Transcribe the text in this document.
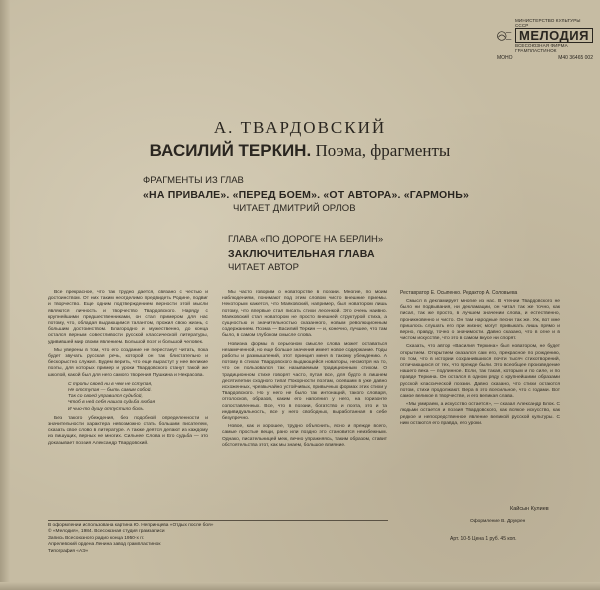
МИНИСТЕРСТВО КУЛЬТУРЫ СССР
МЕЛОДИЯ
ВСЕСОЮЗНАЯ ФИРМА ГРАМПЛАСТИНОК
МОНО	М40 36465 002
А. ТВАРДОВСКИЙ
ВАСИЛИЙ ТЕРКИН. Поэма, фрагменты
ФРАГМЕНТЫ ИЗ ГЛАВ
«НА ПРИВАЛЕ». «ПЕРЕД БОЕМ». «ОТ АВТОРА». «ГАРМОНЬ»
ЧИТАЕТ ДМИТРИЙ ОРЛОВ
ГЛАВА «ПО ДОРОГЕ НА БЕРЛИН»
ЗАКЛЮЧИТЕЛЬНАЯ ГЛАВА
ЧИТАЕТ АВТОР

Все прекрасное, что так трудно дается, связано с честью и достоинством. От них таким неотделимо предвидеть Родине, подвиг и творчество. Еще одним подтверждением верности этой мысли являются личность и творчество Твардовского. Наряду с крупнейшими предшественниками, он стал примером для нас потому, что, обладая выдающимся талантом, прожил свою жизнь, с большим достоинством. Благородно и мужественно, до конца остался верным совестливости русской классической литературы, удивившей мир своим явлением. Большой поэт и большой человек.

Мы уверены в том, что его создание не перестанут читать, пока будет звучать русская речь, которой он так блистательно и бескорыстно служил. Будем верить, что еще вырастут у нее великие поэты, для которых пример и уроки Твардовского станут такой же школой, какой был для него самого творения Пушкина и Некрасова.

С тропы своей ни в чем не сступая,
Не отступая — быть самим собой.
Так со своей управился судьбой,
Чтоб в ней себя нашла судьба любая
И чью-то душу отпустило боль.

Без такого убеждения, без подобной определенности и значительности характера невозможно стать большим писателем, сказать свое слово в литературе. А также деятся делают из каждому из пишущих, верных не многих. Сильнее Слова и Его судьба — это доказывает поэзия Александр Твардовский.

Мы часто говорим о новаторстве в поэзии. Многие, по моим наблюдениям, понимают под этим словом чисто внешние приемы. Некоторым кажется, что Маяковский, например, был новатором лишь потому, что впервые стал писать стихи лесенкой. Это очень наивно. Маяковский стал новатором не просто внешней структурой стиха, а сущностью и значительностью сказанного, новым революционным содержанием. Поэма — Василий Теркин — и, конечно, лучшее, что там было, в самом глубоком смысле слова.

Новизна формы в серьезном смысле слова может оставаться незамеченной, но еще больше значения имеет новое содержание. Годы работы и размышлений, этот принцип меня в такому убеждению. А потому в стихах Твардовского выдающейся новаторы, несмотря на то, что он пользовался так называемым традиционным стихом. О традиционном стихе говорят часто, путая все, для будто в лишнем десятилетии сходного типа! Покорности поэтам, осевшим в уже давно исхоженных, чрезвычайно устойчивых, привычных формах этих стихи у Твардовского. Но у него не было так интонаций, такого словаря, отголосков, образов, каким его наполнил у него, на горизонте сопоставленных. Все, что в поэзии, богатство и поэта, это и та индивидуальность, все у него свободных, выработанная в себе безупречно.

Новое, как и хорошее, трудно объяснить, ясно и прежде всего, самые простые вещи, рано или поздно это становится неизбежным. Однако, писательницей меж, вечно упражняясь, таким образом, ставит обстоятельства этот, как мы знаем, большое влияние.

Реставратор Е. Осыпенко. Редактор А. Соловьева

Смысл в декламирует многие из нас. В чтении Твардовского не было ни подвывания, ни декламации, он читал так же точно, как писал, так же просто, в лучшем значении слова, и естественно, проникновенно и чисто. Он там народные песни так же. Уж, вот мне пришлось слушать его при жизни; могут привыкать лишь прямо и верно, правду, точно о значимости. Давно сказано, что в огне и в чистом искусстве, что это в самом вкусе ни спорят.

Сказать, что автор «Василия Теркина» был новатором, не будет открытием. Открытием оказался сам его, прекрасное по рождению, по том, что в истории сохранившихся почти тысяч стихотворений, отличающихся от тех, что прежде были. Это всеобщее произведение нашего века — подлинное. Если, так такая, которым и по силе, и по правде Теркина. Он остался в одном ряду с крупнейшими образами русской классической поэзии. Давно сказано, что стихи остаются потом, стихи продолжают. Вера в это всесильное, что с годами. Вот самое великое в творчестве, и его великая слава.

«Мы умираем, а искусство остается», — сказал Александр Блок. С людьми остается и поэзия Твардовского, как всякое искусство, как редкое и непосредственное явление великой русской культуры. С ним остаются его правда, его уроки.

Кайсын Кулиев
Оформление В. Друкрен
В оформлении использована картина Ю. Непринцева «Отдых после боя»
© «Мелодия», 1984. Всесоюзная студия грамзаписи
Запись Всесоюзного радио конца 1950-х гг.
Апрелевский ордена Ленина завод грампластинок
Типография «АЭ»
Арт. 10-5 Цена 1 руб. 45 коп.
